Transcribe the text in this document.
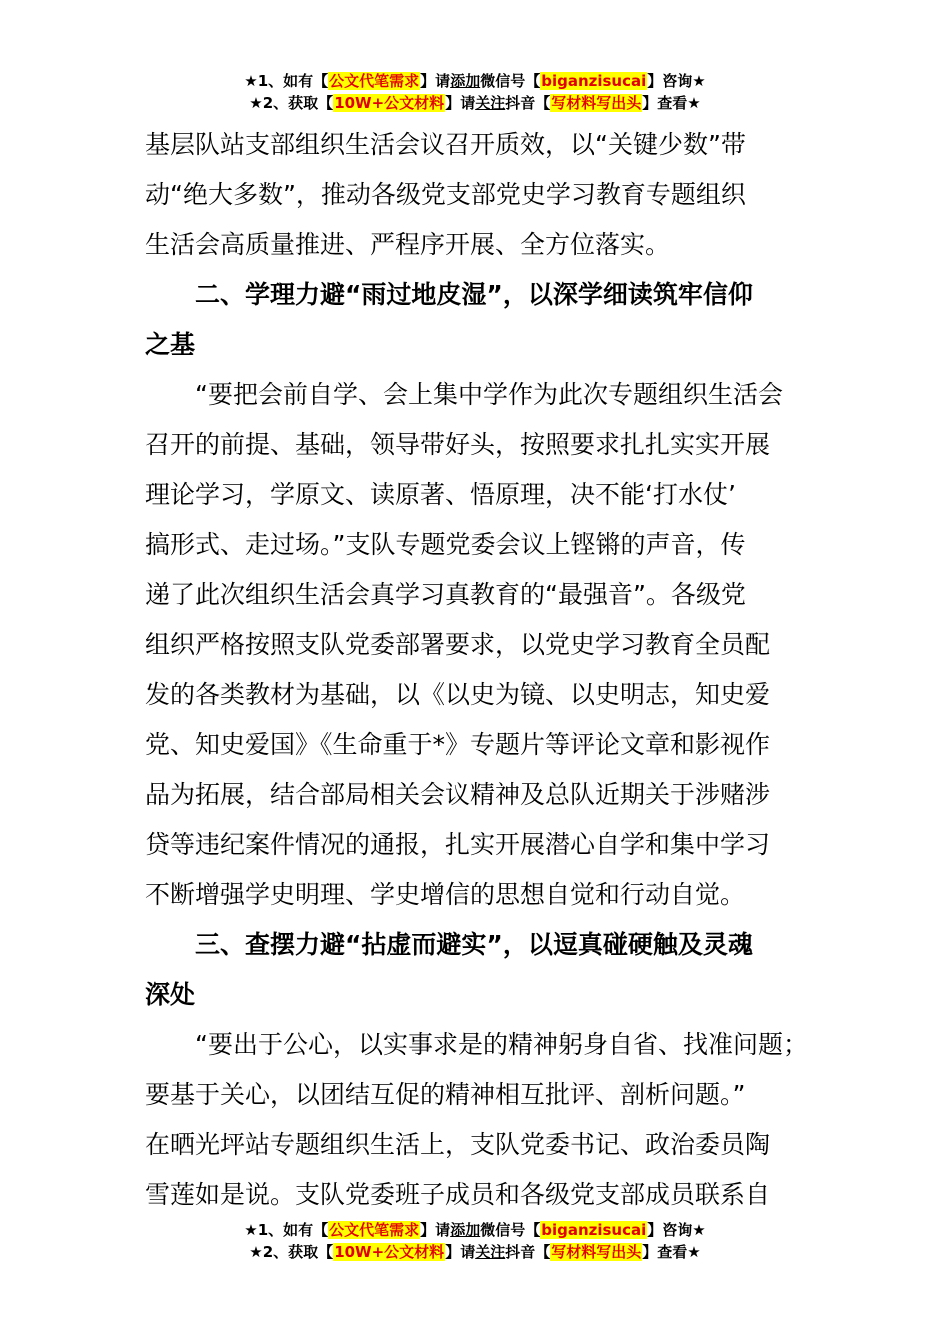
★1、如有【公文代笔需求】请添加微信号【biganzisucai】咨询★
★2、获取【10W+公文材料】请关注抖音【写材料写出头】查看★
基层队站支部组织生活会议召开质效，以“关键少数”带
动“绝大多数”，推动各级党支部党史学习教育专题组织
生活会高质量推进、严程序开展、全方位落实。
二、学理力避“雨过地皮湿”，以深学细读筑牢信仰
之基
“要把会前自学、会上集中学作为此次专题组织生活会
召开的前提、基础，领导带好头，按照要求扎扎实实开展
理论学习，学原文、读原著、悟原理，决不能‘打水仗’
搞形式、走过场。”支队专题党委会议上铿锵的声音，传
递了此次组织生活会真学习真教育的“最强音”。各级党
组织严格按照支队党委部署要求，以党史学习教育全员配
发的各类教材为基础，以《以史为镜、以史明志，知史爱
党、知史爱国》《生命重于*》专题片等评论文章和影视作
品为拓展，结合部局相关会议精神及总队近期关于涉赌涉
贷等违纪案件情况的通报，扎实开展潜心自学和集中学习
不断增强学史明理、学史增信的思想自觉和行动自觉。
三、查摆力避“拈虚而避实”，以逗真碰硬触及灵魂
深处
“要出于公心，以实事求是的精神躬身自省、找准问题；
要基于关心，以团结互促的精神相互批评、剖析问题。”
在晒光坪站专题组织生活上，支队党委书记、政治委员陶
雪莲如是说。支队党委班子成员和各级党支部成员联系自
★1、如有【公文代笔需求】请添加微信号【biganzisucai】咨询★
★2、获取【10W+公文材料】请关注抖音【写材料写出头】查看★
